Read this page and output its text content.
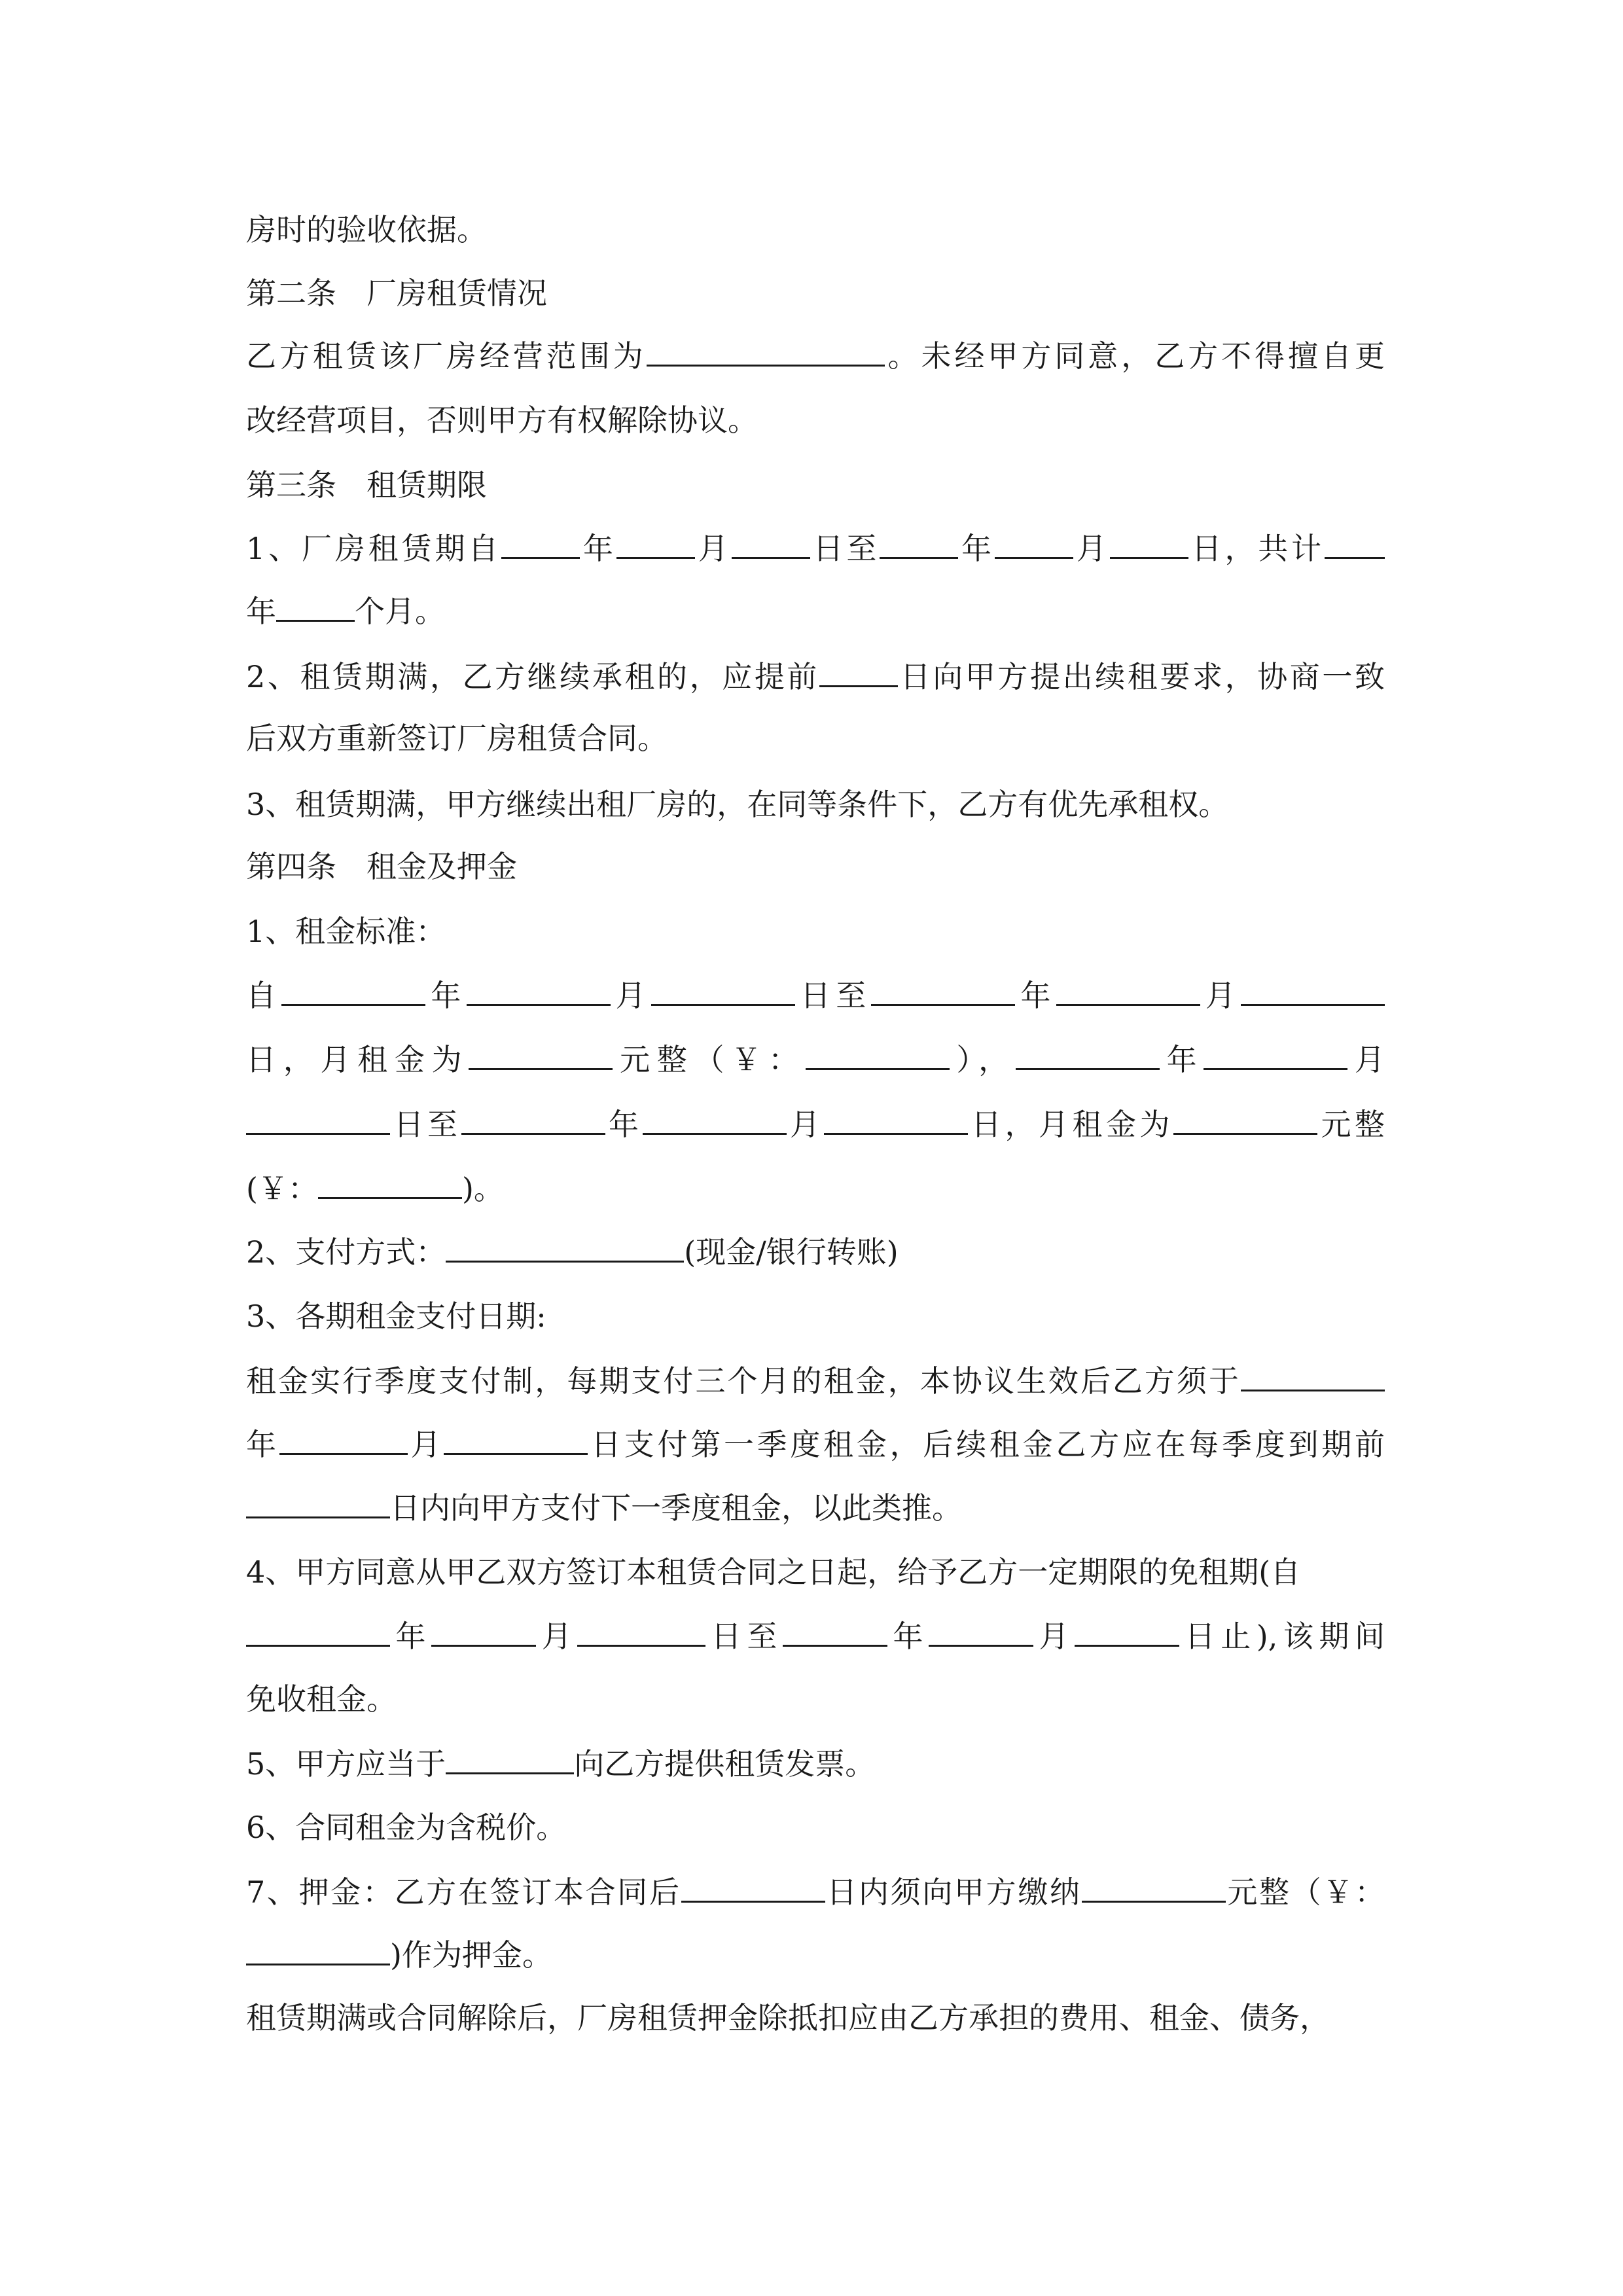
房时的验收依据。
第二条 厂房租赁情况
乙方租赁该厂房经营范围为	。未经甲方同意，乙方不得擅自更
改经营项目，否则甲方有权解除协议。
第三条 租赁期限
1、厂房租赁期自	年	月	日至	年	月	日，共计
年	个月。
2、租赁期满，乙方继续承租的，应提前	日向甲方提出续租要求，协商一致
后双方重新签订厂房租赁合同。
3、租赁期满，甲方继续出租厂房的，在同等条件下，乙方有优先承租权。
第四条 租金及押金
1、租金标准：
自	年	月	日至	年	月
日，月租金为	元整（￥：	），	年	月
日至	年	月	日，月租金为	元整
(￥：	)。
2、支付方式：	(现金/银行转账)
3、各期租金支付日期:
租金实行季度支付制，每期支付三个月的租金，本协议生效后乙方须于
年	月	日支付第一季度租金，后续租金乙方应在每季度到期前
日内向甲方支付下一季度租金，以此类推。
4、甲方同意从甲乙双方签订本租赁合同之日起，给予乙方一定期限的免租期(自
年	月	日至	年	月	日止),该期间
免收租金。
5、甲方应当于	向乙方提供租赁发票。
6、合同租金为含税价。
7、押金：乙方在签订本合同后	日内须向甲方缴纳	元整（￥：
)作为押金。
租赁期满或合同解除后，厂房租赁押金除抵扣应由乙方承担的费用、租金、债务，
